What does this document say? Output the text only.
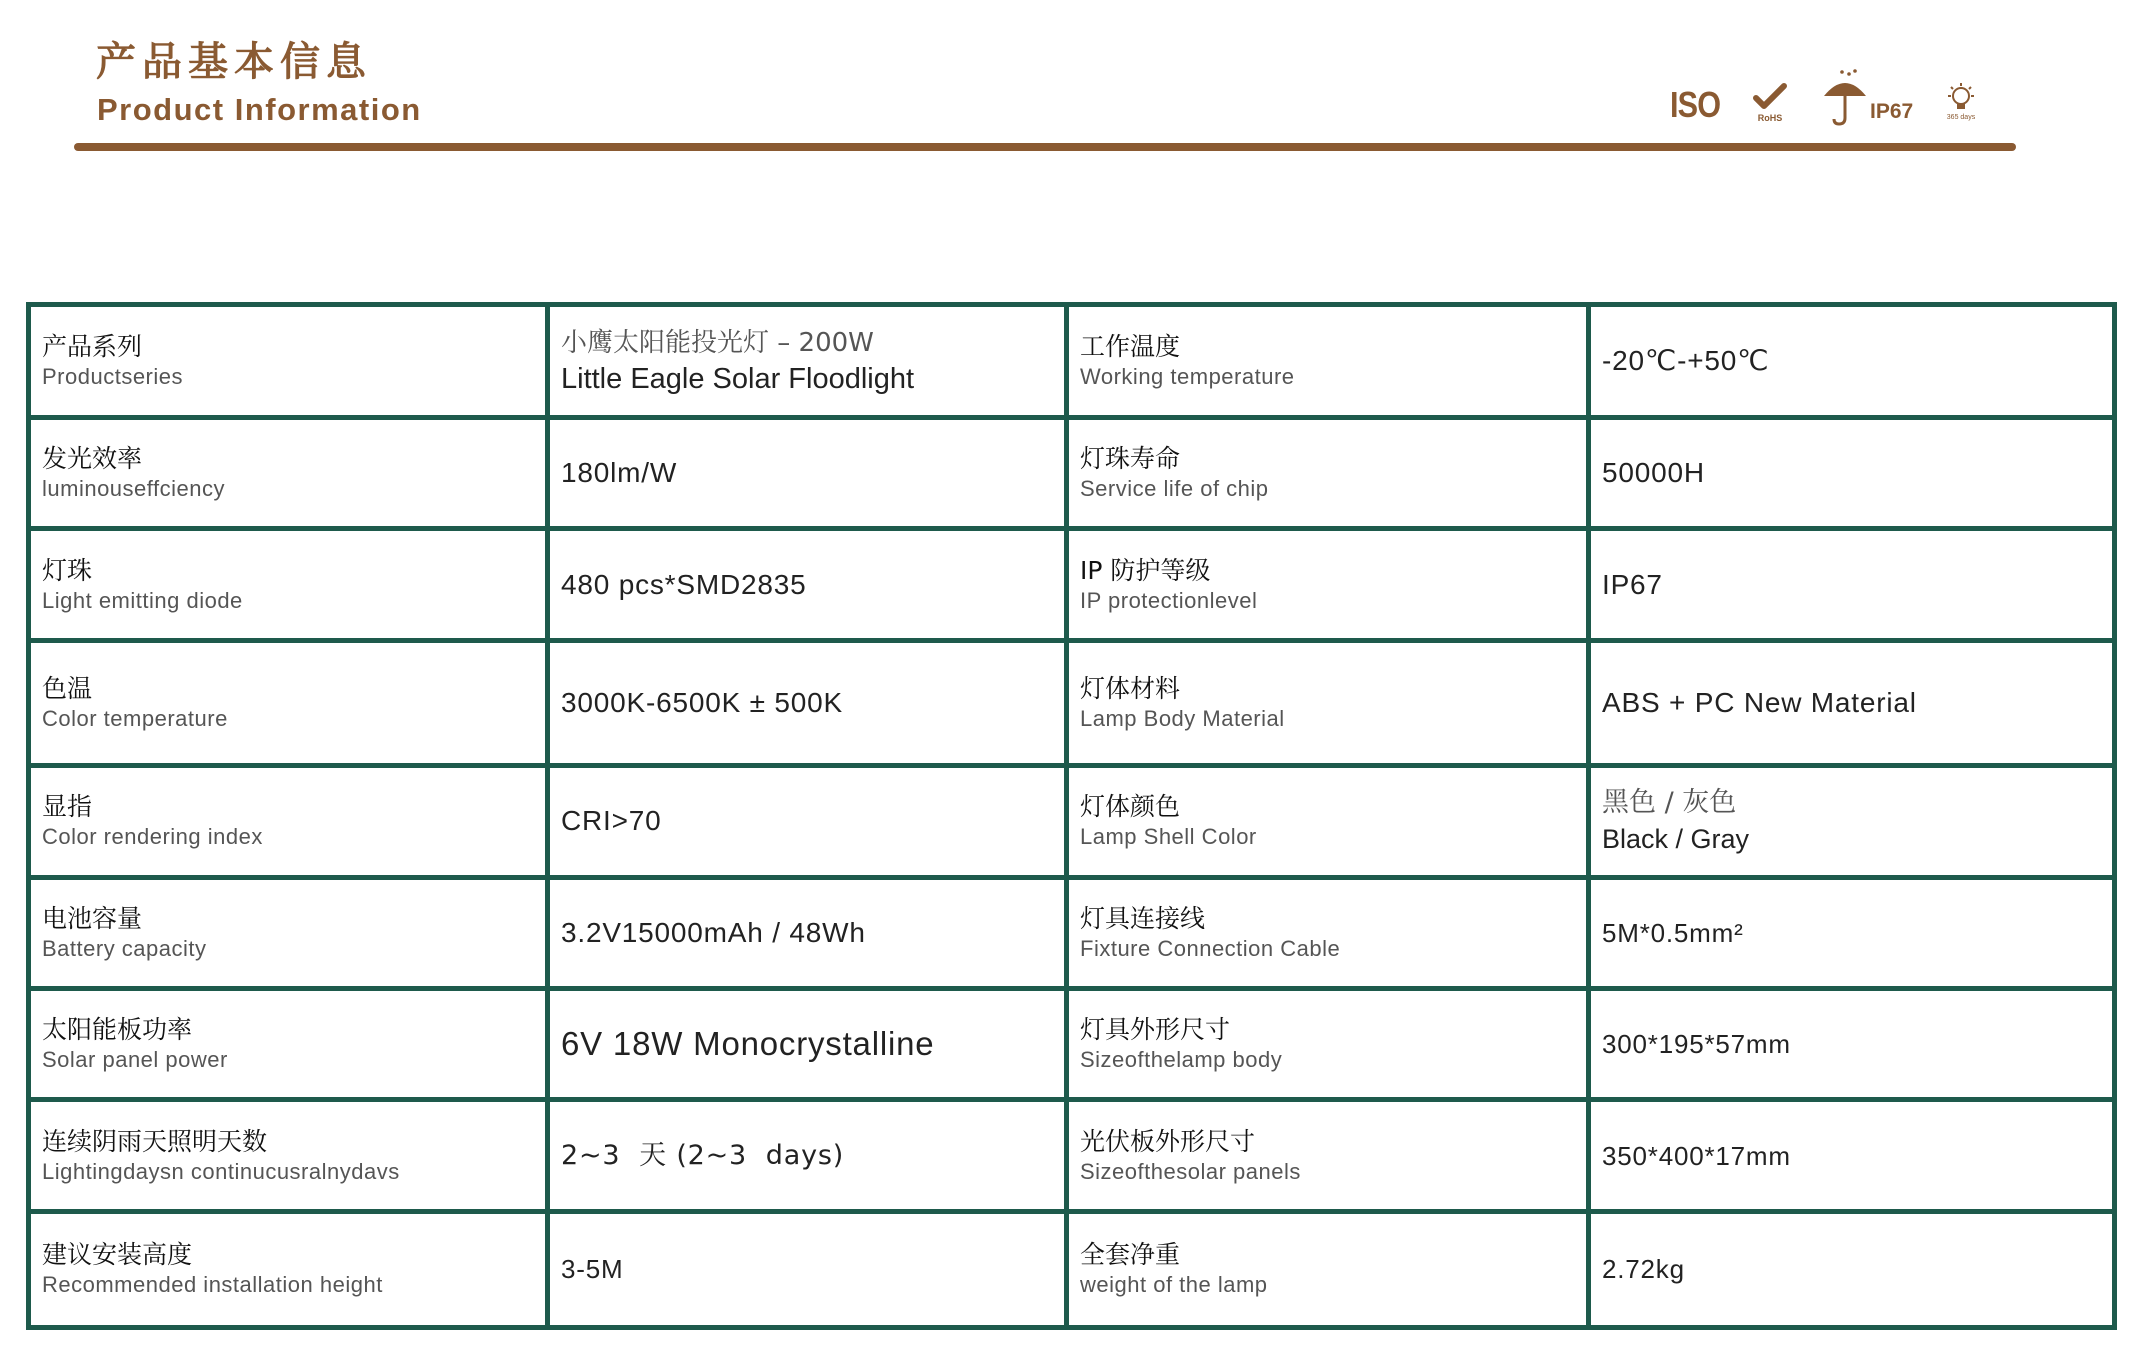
产品基本信息
Product Information	ISO	RoHS	IP67	365 days
产品系列
Productseries	小鹰太阳能投光灯 – 200W
Little Eagle Solar Floodlight	工作温度
Working temperature	-20℃-+50℃

发光效率
luminouseffciency	180lm/W	灯珠寿命
Service life of chip	50000H

灯珠
Light emitting diode	480 pcs*SMD2835	IP 防护等级
IP protectionlevel	IP67

色温
Color temperature	3000K-6500K ± 500K	灯体材料
Lamp Body Material	ABS + PC New Material

显指
Color rendering index	CRI>70	灯体颜色
Lamp Shell Color	黑色 / 灰色
Black / Gray

电池容量
Battery capacity	3.2V15000mAh / 48Wh	灯具连接线
Fixture Connection Cable	5M*0.5mm²

太阳能板功率
Solar panel power	6V 18W Monocrystalline	灯具外形尺寸
Sizeofthelamp body	300*195*57mm

连续阴雨天照明天数
Lightingdaysn continucusralnydavs	2~3  天 (2~3  days)	光伏板外形尺寸
Sizeofthesolar panels	350*400*17mm

建议安装高度
Recommended installation height	3-5M	全套净重
weight of the lamp	2.72kg
